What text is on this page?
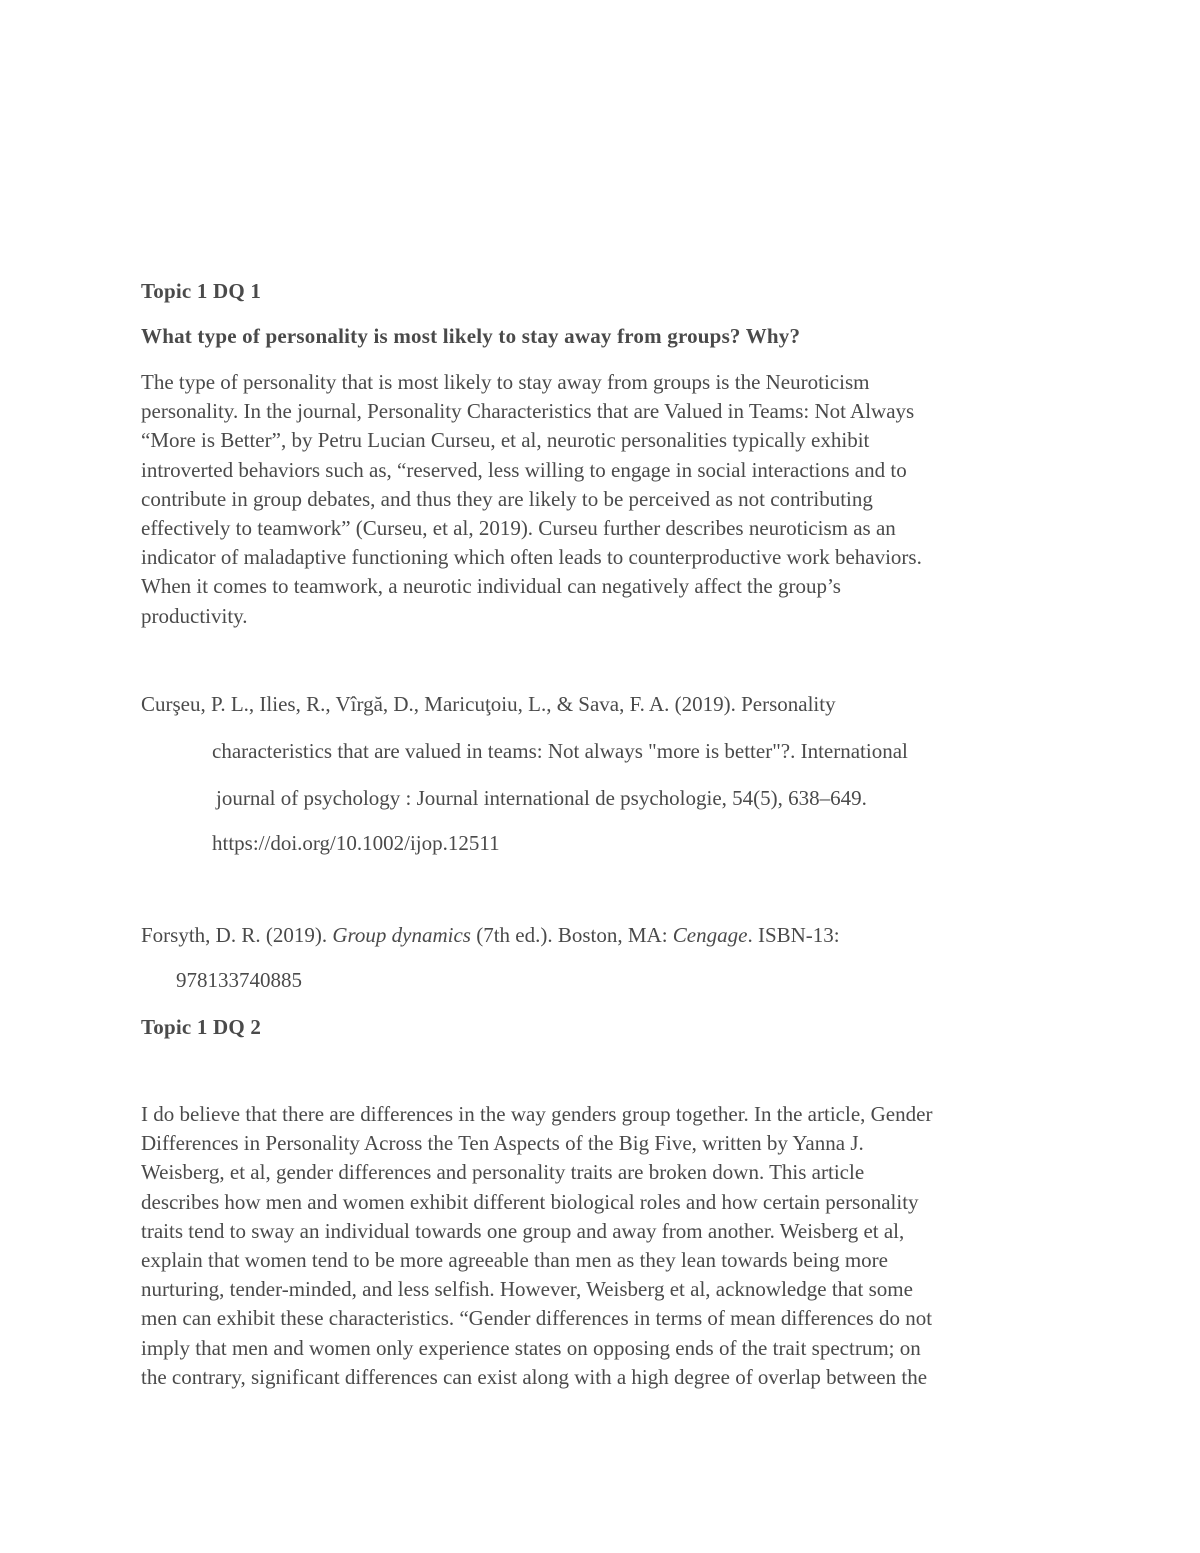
Topic 1 DQ 1
What type of personality is most likely to stay away from groups? Why?
The type of personality that is most likely to stay away from groups is the Neuroticism
personality. In the journal, Personality Characteristics that are Valued in Teams: Not Always
“More is Better”, by Petru Lucian Curseu, et al, neurotic personalities typically exhibit
introverted behaviors such as, “reserved, less willing to engage in social interactions and to
contribute in group debates, and thus they are likely to be perceived as not contributing
effectively to teamwork” (Curseu, et al, 2019). Curseu further describes neuroticism as an
indicator of maladaptive functioning which often leads to counterproductive work behaviors.
When it comes to teamwork, a neurotic individual can negatively affect the group’s
productivity.
Curşeu, P. L., Ilies, R., Vîrgă, D., Maricuţoiu, L., & Sava, F. A. (2019). Personality
characteristics that are valued in teams: Not always "more is better"?. International
journal of psychology : Journal international de psychologie, 54(5), 638–649.
https://doi.org/10.1002/ijop.12511
Forsyth, D. R. (2019). Group dynamics (7th ed.). Boston, MA: Cengage. ISBN-13:
978133740885
Topic 1 DQ 2
I do believe that there are differences in the way genders group together. In the article, Gender
Differences in Personality Across the Ten Aspects of the Big Five, written by Yanna J.
Weisberg, et al, gender differences and personality traits are broken down. This article
describes how men and women exhibit different biological roles and how certain personality
traits tend to sway an individual towards one group and away from another. Weisberg et al,
explain that women tend to be more agreeable than men as they lean towards being more
nurturing, tender-minded, and less selfish. However, Weisberg et al, acknowledge that some
men can exhibit these characteristics. “Gender differences in terms of mean differences do not
imply that men and women only experience states on opposing ends of the trait spectrum; on
the contrary, significant differences can exist along with a high degree of overlap between the
